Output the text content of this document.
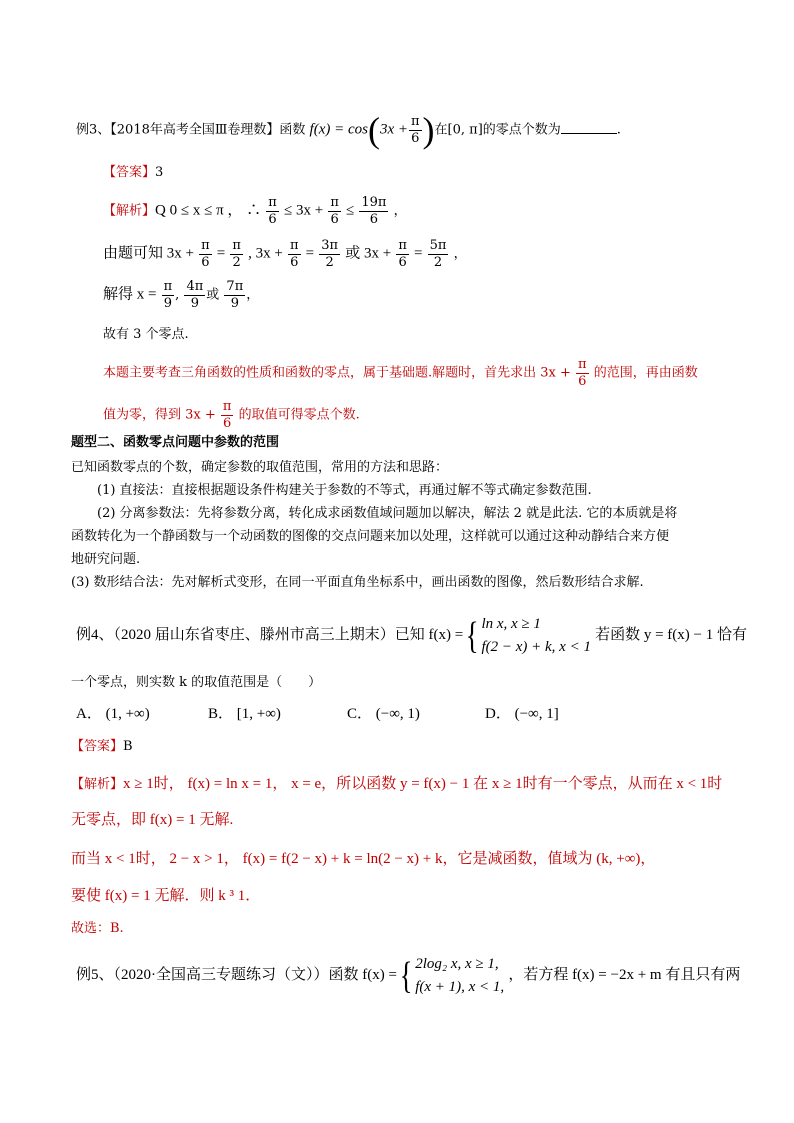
例3、【2018年高考全国Ⅲ卷理数】函数 $f(x) = \cos(3x + \frac{\pi}{6}$ )在[0, π]的零点个数为	.
【答案】3
【解析】Q 0 ≤ x ≤ π ， ∴ $\frac{\pi}{6} \le 3x + \frac{\pi}{6} \le \frac{19\pi}{6}$ ，
由题可知 $3x + \frac{\pi}{6} = \frac{\pi}{2}$ , $3x + \frac{\pi}{6} = \frac{3\pi}{2}$ 或 $3x + \frac{\pi}{6} = \frac{5\pi}{2}$ ，
解得 $x = \frac{\pi}{9}$ , $\frac{4\pi}{9}$ 或 $\frac{7\pi}{9}$ ，
故有 3 个零点.
本题主要考查三角函数的性质和函数的零点，属于基础题.解题时，首先求出 $3x + \frac{\pi}{6}$ 的范围，再由函数
值为零，得到 $3x + \frac{\pi}{6}$ 的取值可得零点个数.
题型二、函数零点问题中参数的范围
已知函数零点的个数，确定参数的取值范围，常用的方法和思路：
(1) 直接法：直接根据题设条件构建关于参数的不等式，再通过解不等式确定参数范围.
(2) 分离参数法：先将参数分离，转化成求函数值域问题加以解决，解法 2 就是此法. 它的本质就是将
函数转化为一个静函数与一个动函数的图像的交点问题来加以处理，这样就可以通过这种动静结合来方便
地研究问题.
(3) 数形结合法：先对解析式变形，在同一平面直角坐标系中，画出函数的图像，然后数形结合求解.
例4、（2020 届山东省枣庄、滕州市高三上期末）已知 f(x) ={ ln x, x ≥ 1
f(2 − x) + k, x < 1
若函数 y = f(x) − 1 恰有
一个零点，则实数 k 的取值范围是（　　）
A． (1, +∞)	B． [1, +∞)	C． (−∞, 1)	D． (−∞, 1]
【答案】B
【解析】x ≥ 1时， f(x) = ln x = 1， x = e，所以函数 y = f(x) − 1 在 x ≥ 1时有一个零点，从而在 x < 1时
无零点，即 f(x) = 1 无解.
而当 x < 1时， 2 − x > 1， f(x) = f(2 − x) + k = ln(2 − x) + k，它是减函数，值域为 (k, +∞)，
要使 f(x) = 1 无解．则 k ³ 1．
故选：B.
例5、（2020·全国高三专题练习（文））函数 f(x) ={ 2log₂ x, x ≥ 1,
f(x + 1), x < 1,
，若方程 f(x) = −2x + m 有且只有两
